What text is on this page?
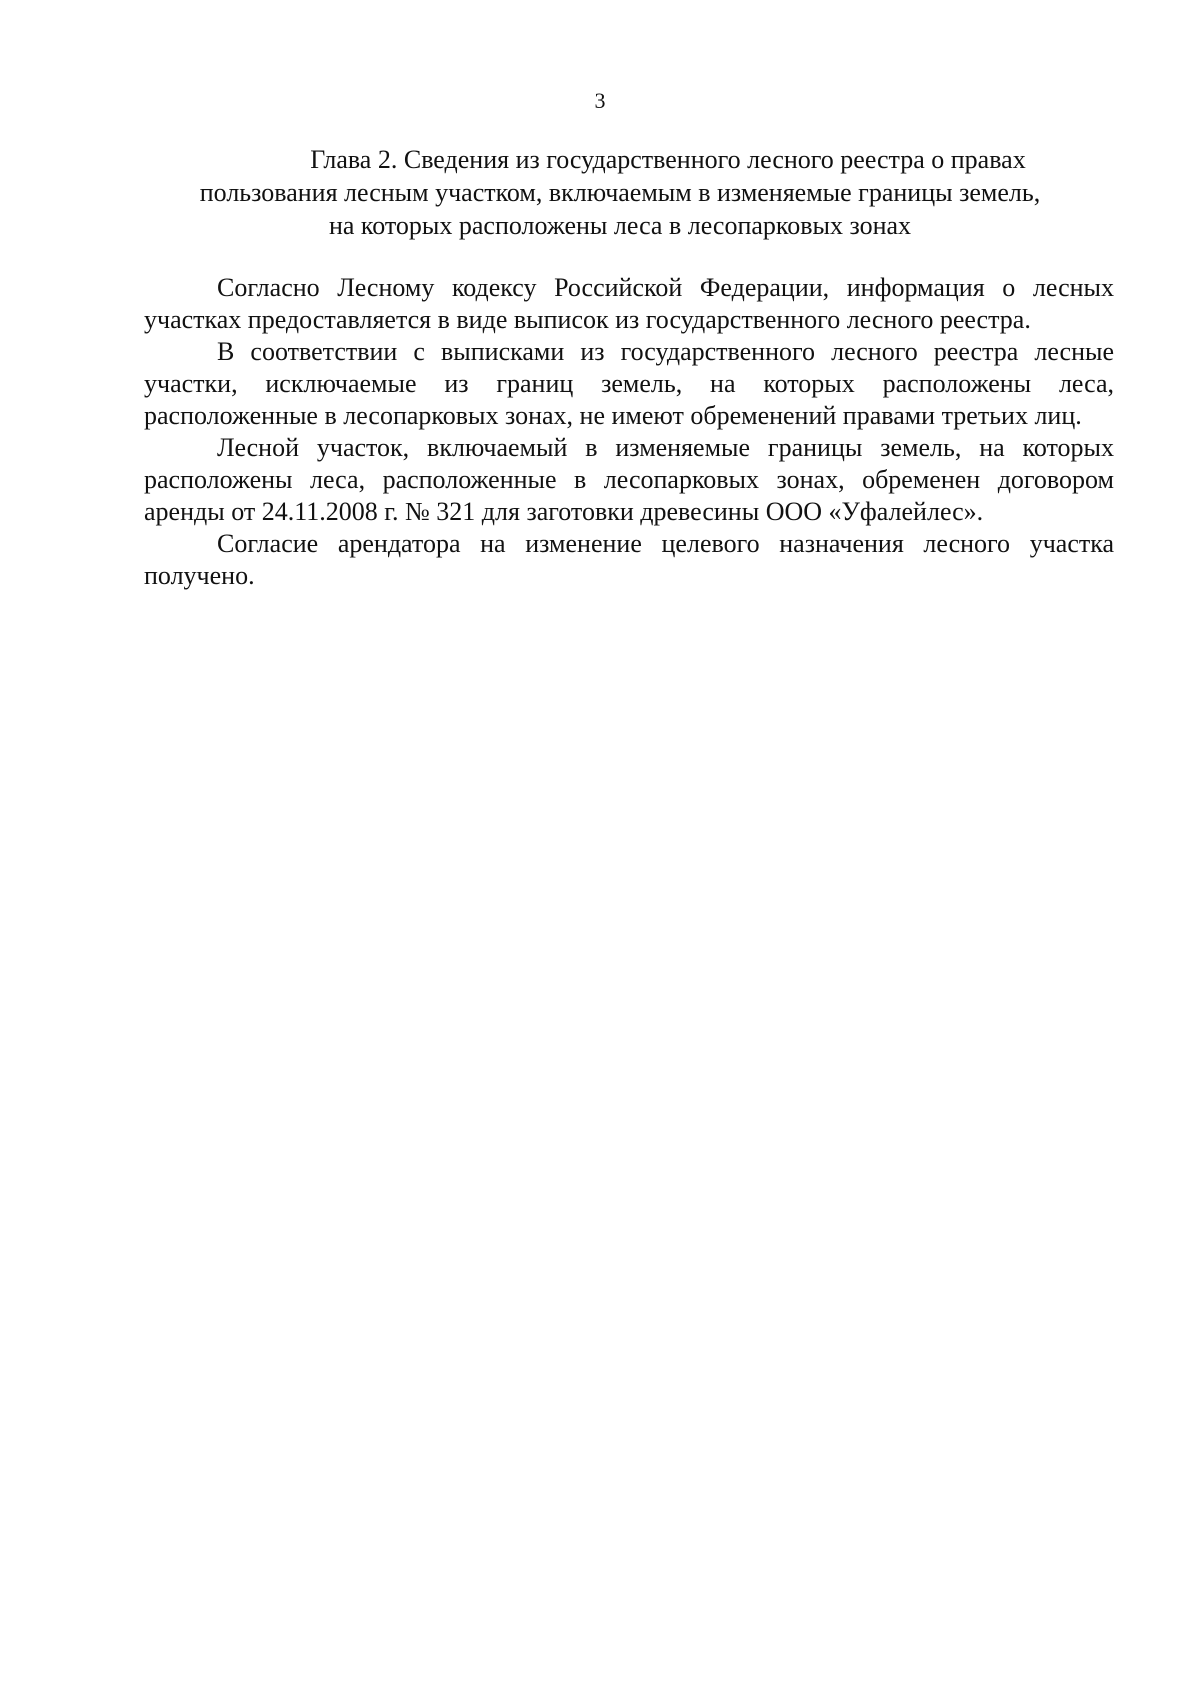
3
Глава 2. Сведения из государственного лесного реестра о правах
пользования лесным участком, включаемым в изменяемые границы земель,
на которых расположены леса в лесопарковых зонах

Согласно Лесному кодексу Российской Федерации, информация о лесных участках предоставляется в виде выписок из государственного лесного реестра.

В соответствии с выписками из государственного лесного реестра лесные участки, исключаемые из границ земель, на которых расположены леса, расположенные в лесопарковых зонах, не имеют обременений правами третьих лиц.

Лесной участок, включаемый в изменяемые границы земель, на которых расположены леса, расположенные в лесопарковых зонах, обременен договором аренды от 24.11.2008 г. № 321 для заготовки древесины ООО «Уфалейлес».

Согласие арендатора на изменение целевого назначения лесного участка получено.
